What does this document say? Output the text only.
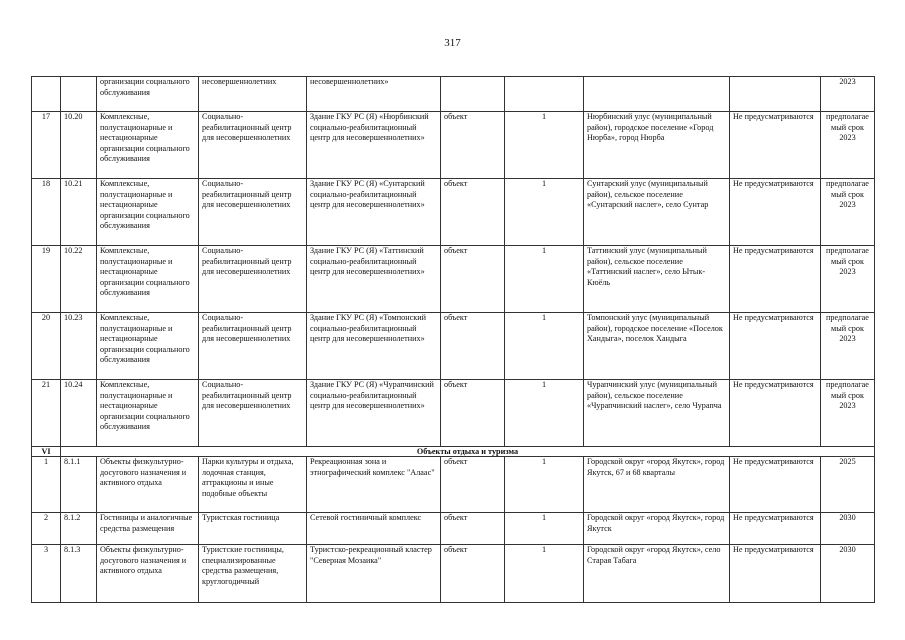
317
		организации социального обслуживания	несовершеннолетних	несовершеннолетних»					2023
17	10.20	Комплексные, полустационарные и нестационарные организации социального обслуживания	Социально-реабилитационный центр для несовершеннолетних	Здание ГКУ РС (Я) «Нюрбинский социально-реабилитационный центр для несовершеннолетних»	объект	1	Нюрбинский улус (муниципальный район), городское поселение «Город Нюрба», город Нюрба	Не предусматриваются	предполагаемый срок 2023
18	10.21	Комплексные, полустационарные и нестационарные организации социального обслуживания	Социально-реабилитационный центр для несовершеннолетних	Здание ГКУ РС (Я) «Сунтарский социально-реабилитационный центр для несовершеннолетних»	объект	1	Сунтарский улус (муниципальный район), сельское поселение «Сунтарский наслег», село Сунтар	Не предусматриваются	предполагаемый срок 2023
19	10.22	Комплексные, полустационарные и нестационарные организации социального обслуживания	Социально-реабилитационный центр для несовершеннолетних	Здание ГКУ РС (Я) «Таттинский социально-реабилитационный центр для несовершеннолетних»	объект	1	Таттинский улус (муниципальный район), сельское поселение «Таттинский наслег», село Ытык-Кюёль	Не предусматриваются	предполагаемый срок 2023
20	10.23	Комплексные, полустационарные и нестационарные организации социального обслуживания	Социально-реабилитационный центр для несовершеннолетних	Здание ГКУ РС (Я) «Томпонский социально-реабилитационный центр для несовершеннолетних»	объект	1	Томпонский улус (муниципальный район), городское поселение «Поселок Хандыга», поселок Хандыга	Не предусматриваются	предполагаемый срок 2023
21	10.24	Комплексные, полустационарные и нестационарные организации социального обслуживания	Социально-реабилитационный центр для несовершеннолетних	Здание ГКУ РС (Я) «Чурапчинский социально-реабилитационный центр для несовершеннолетних»	объект	1	Чурапчинский улус (муниципальный район), сельское поселение «Чурапчинский наслег», село Чурапча	Не предусматриваются	предполагаемый срок 2023
VI	Объекты отдыха и туризма								
1	8.1.1	Объекты физкультурно-досугового назначения и активного отдыха	Парки культуры и отдыха, лодочная станция, аттракционы и иные подобные объекты	Рекреационная зона и этнографический комплекс "Алаас"	объект	1	Городской округ «город Якутск», город Якутск, 67 и 68 кварталы	Не предусматриваются	2025
2	8.1.2	Гостиницы и аналогичные средства размещения	Туристская гостиница	Сетевой гостиничный комплекс	объект	1	Городской округ «город Якутск», город Якутск	Не предусматриваются	2030
3	8.1.3	Объекты физкультурно-досугового назначения и активного отдыха	Туристские гостиницы, специализированные средства размещения, круглогодичный	Туристско-рекреационный кластер "Северная Мозаика"	объект	1	Городской округ «город Якутск», село Старая Табага	Не предусматриваются	2030
